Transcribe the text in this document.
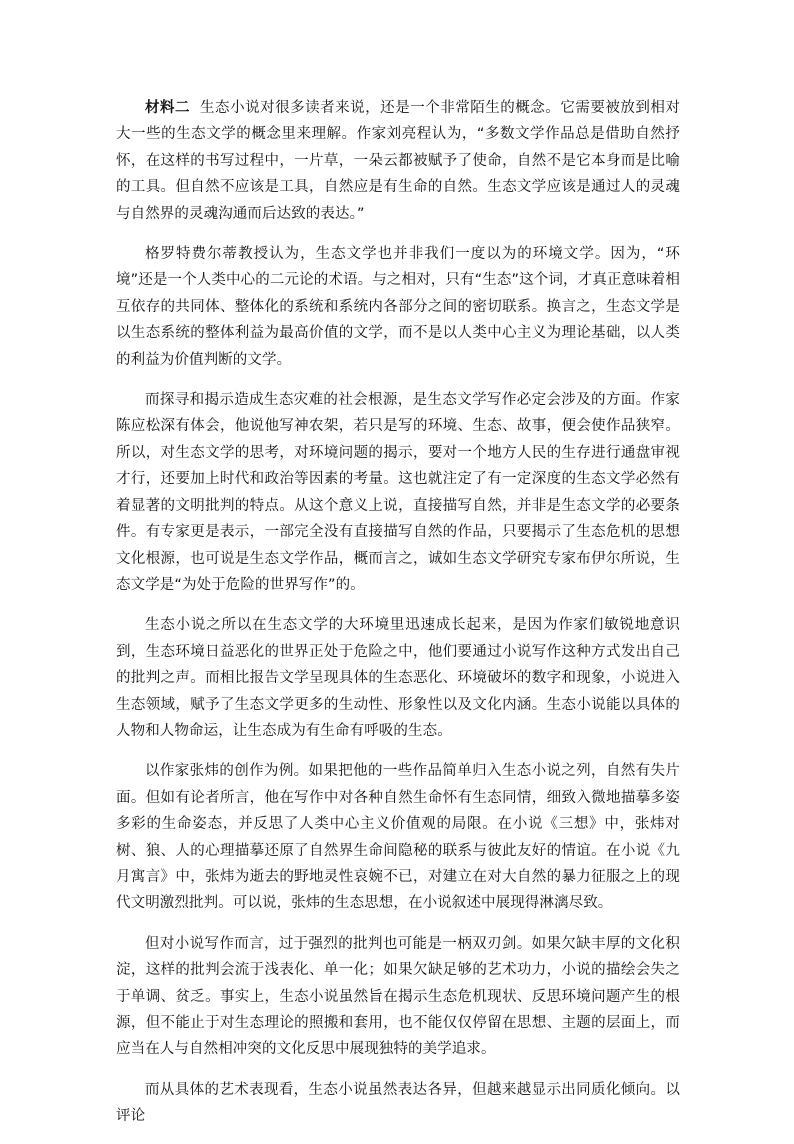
材料二 生态小说对很多读者来说，还是一个非常陌生的概念。它需要被放到相对大一些的生态文学的概念里来理解。作家刘亮程认为，“多数文学作品总是借助自然抒怀，在这样的书写过程中，一片草，一朵云都被赋予了使命，自然不是它本身而是比喻的工具。但自然不应该是工具，自然应是有生命的自然。生态文学应该是通过人的灵魂与自然界的灵魂沟通而后达致的表达。”

格罗特费尔蒂教授认为，生态文学也并非我们一度以为的环境文学。因为，“环境”还是一个人类中心的二元论的术语。与之相对，只有“生态”这个词，才真正意味着相互依存的共同体、整体化的系统和系统内各部分之间的密切联系。换言之，生态文学是以生态系统的整体利益为最高价值的文学，而不是以人类中心主义为理论基础，以人类的利益为价值判断的文学。

而探寻和揭示造成生态灾难的社会根源，是生态文学写作必定会涉及的方面。作家陈应松深有体会，他说他写神农架，若只是写的环境、生态、故事，便会使作品狭窄。所以，对生态文学的思考，对环境问题的揭示，要对一个地方人民的生存进行通盘审视才行，还要加上时代和政治等因素的考量。这也就注定了有一定深度的生态文学必然有着显著的文明批判的特点。从这个意义上说，直接描写自然，并非是生态文学的必要条件。有专家更是表示，一部完全没有直接描写自然的作品，只要揭示了生态危机的思想文化根源，也可说是生态文学作品，概而言之，诚如生态文学研究专家布伊尔所说，生态文学是“为处于危险的世界写作”的。

生态小说之所以在生态文学的大环境里迅速成长起来，是因为作家们敏锐地意识到，生态环境日益恶化的世界正处于危险之中，他们要通过小说写作这种方式发出自己的批判之声。而相比报告文学呈现具体的生态恶化、环境破坏的数字和现象，小说进入生态领域，赋予了生态文学更多的生动性、形象性以及文化内涵。生态小说能以具体的人物和人物命运，让生态成为有生命有呼吸的生态。

以作家张炜的创作为例。如果把他的一些作品简单归入生态小说之列，自然有失片面。但如有论者所言，他在写作中对各种自然生命怀有生态同情，细致入微地描摹多姿多彩的生命姿态，并反思了人类中心主义价值观的局限。在小说《三想》中，张炜对树、狼、人的心理描摹还原了自然界生命间隐秘的联系与彼此友好的情谊。在小说《九月寓言》中，张炜为逝去的野地灵性哀婉不已，对建立在对大自然的暴力征服之上的现代文明激烈批判。可以说，张炜的生态思想，在小说叙述中展现得淋漓尽致。

但对小说写作而言，过于强烈的批判也可能是一柄双刃剑。如果欠缺丰厚的文化积淀，这样的批判会流于浅表化、单一化；如果欠缺足够的艺术功力，小说的描绘会失之于单调、贫乏。事实上，生态小说虽然旨在揭示生态危机现状、反思环境问题产生的根源，但不能止于对生态理论的照搬和套用，也不能仅仅停留在思想、主题的层面上，而应当在人与自然相冲突的文化反思中展现独特的美学追求。

而从具体的艺术表现看，生态小说虽然表达各异，但越来越显示出同质化倾向。以评论
